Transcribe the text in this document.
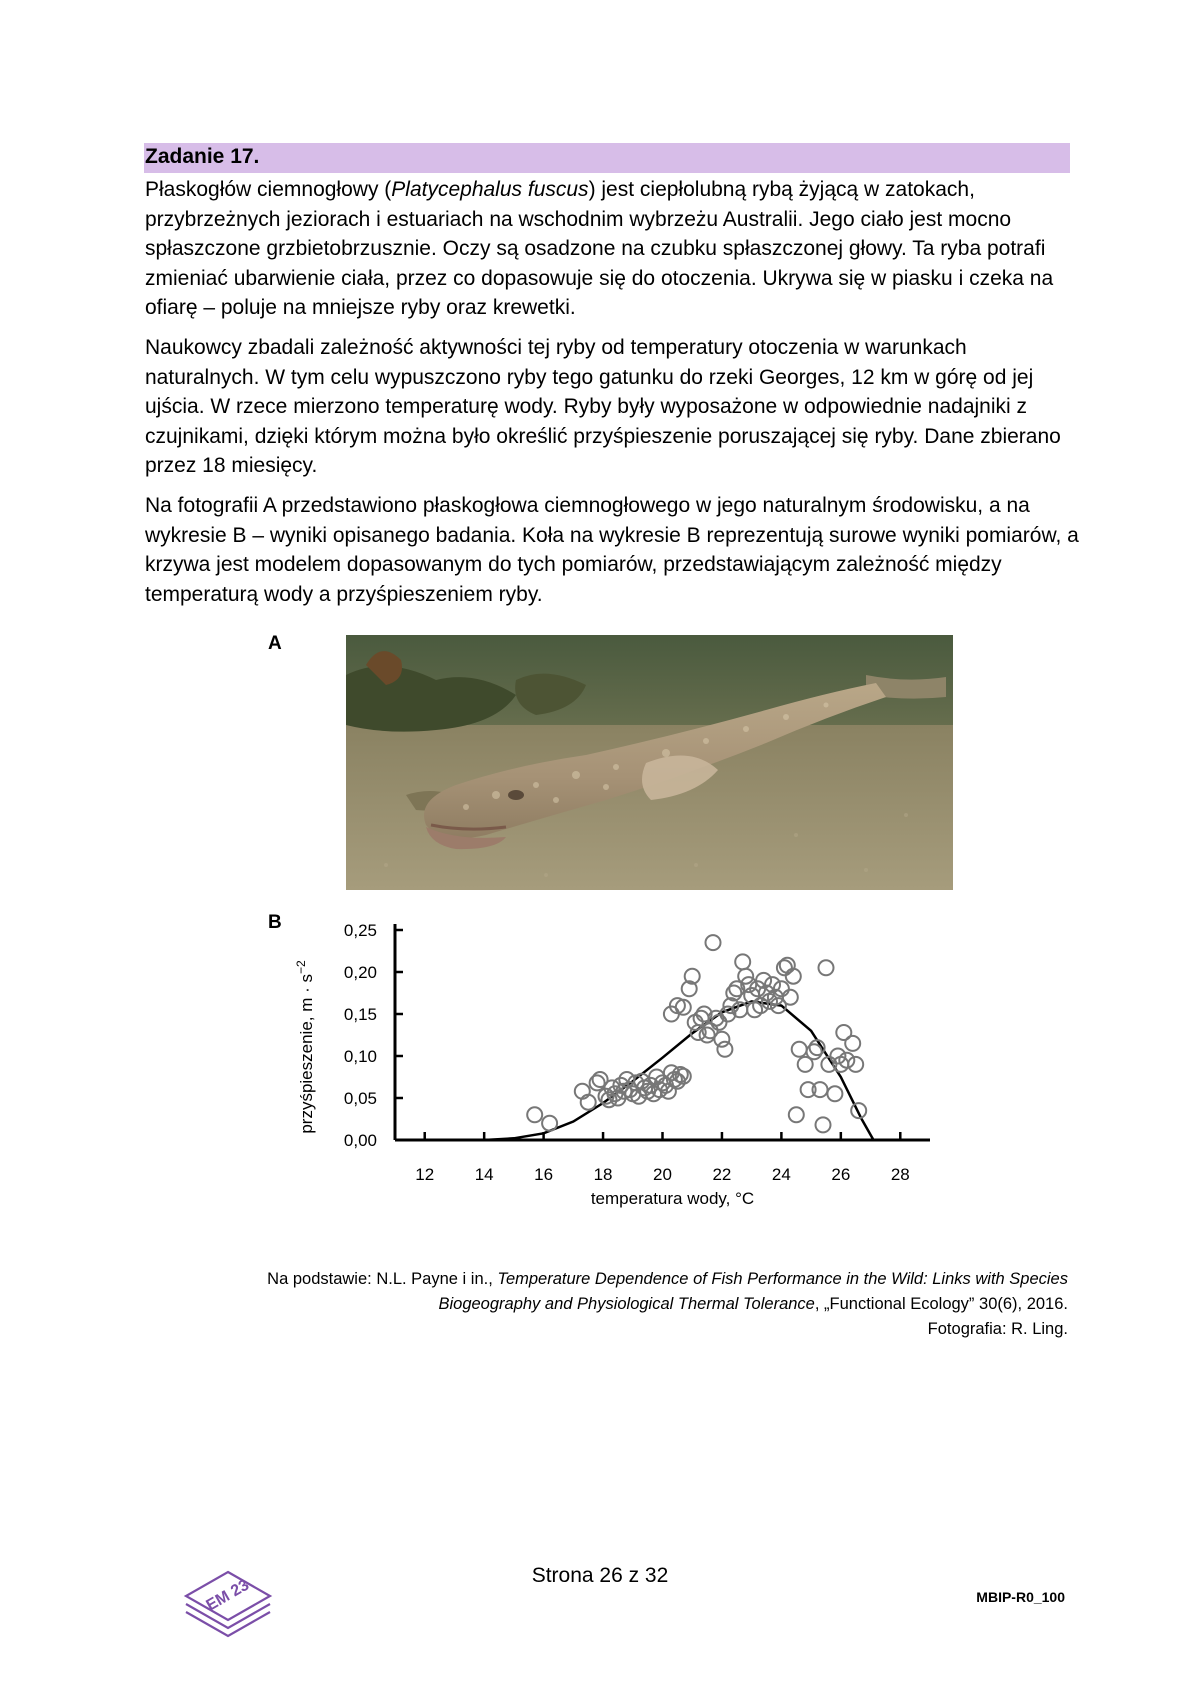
Zadanie 17.
Płaskogłów ciemnogłowy (Platycephalus fuscus) jest ciepłolubną rybą żyjącą w zatokach, przybrzeżnych jeziorach i estuariach na wschodnim wybrzeżu Australii. Jego ciało jest mocno spłaszczone grzbietobrzusznie. Oczy są osadzone na czubku spłaszczonej głowy. Ta ryba potrafi zmieniać ubarwienie ciała, przez co dopasowuje się do otoczenia. Ukrywa się w piasku i czeka na ofiarę – poluje na mniejsze ryby oraz krewetki.
Naukowcy zbadali zależność aktywności tej ryby od temperatury otoczenia w warunkach naturalnych. W tym celu wypuszczono ryby tego gatunku do rzeki Georges, 12 km w górę od jej ujścia. W rzece mierzono temperaturę wody. Ryby były wyposażone w odpowiednie nadajniki z czujnikami, dzięki którym można było określić przyśpieszenie poruszającej się ryby. Dane zbierano przez 18 miesięcy.
Na fotografii A przedstawiono płaskogłowa ciemnogłowego w jego naturalnym środowisku, a na wykresie B – wyniki opisanego badania. Koła na wykresie B reprezentują surowe wyniki pomiarów, a krzywa jest modelem dopasowanym do tych pomiarów, przedstawiającym zależność między temperaturą wody a przyśpieszeniem ryby.
A
B
0,00
0,05
0,10
0,15
0,20
0,25
12 14 16 18 20 22 24 26 28
temperatura wody, °C
przyśpieszenie, $m \cdot s^{-2}$
Na podstawie: N.L. Payne i in., Temperature Dependence of Fish Performance in the Wild: Links with Species
Biogeography and Physiological Thermal Tolerance, „Functional Ecology” 30(6), 2016.
Fotografia: R. Ling.
EM 23
Strona 26 z 32
MBIP-R0_100
